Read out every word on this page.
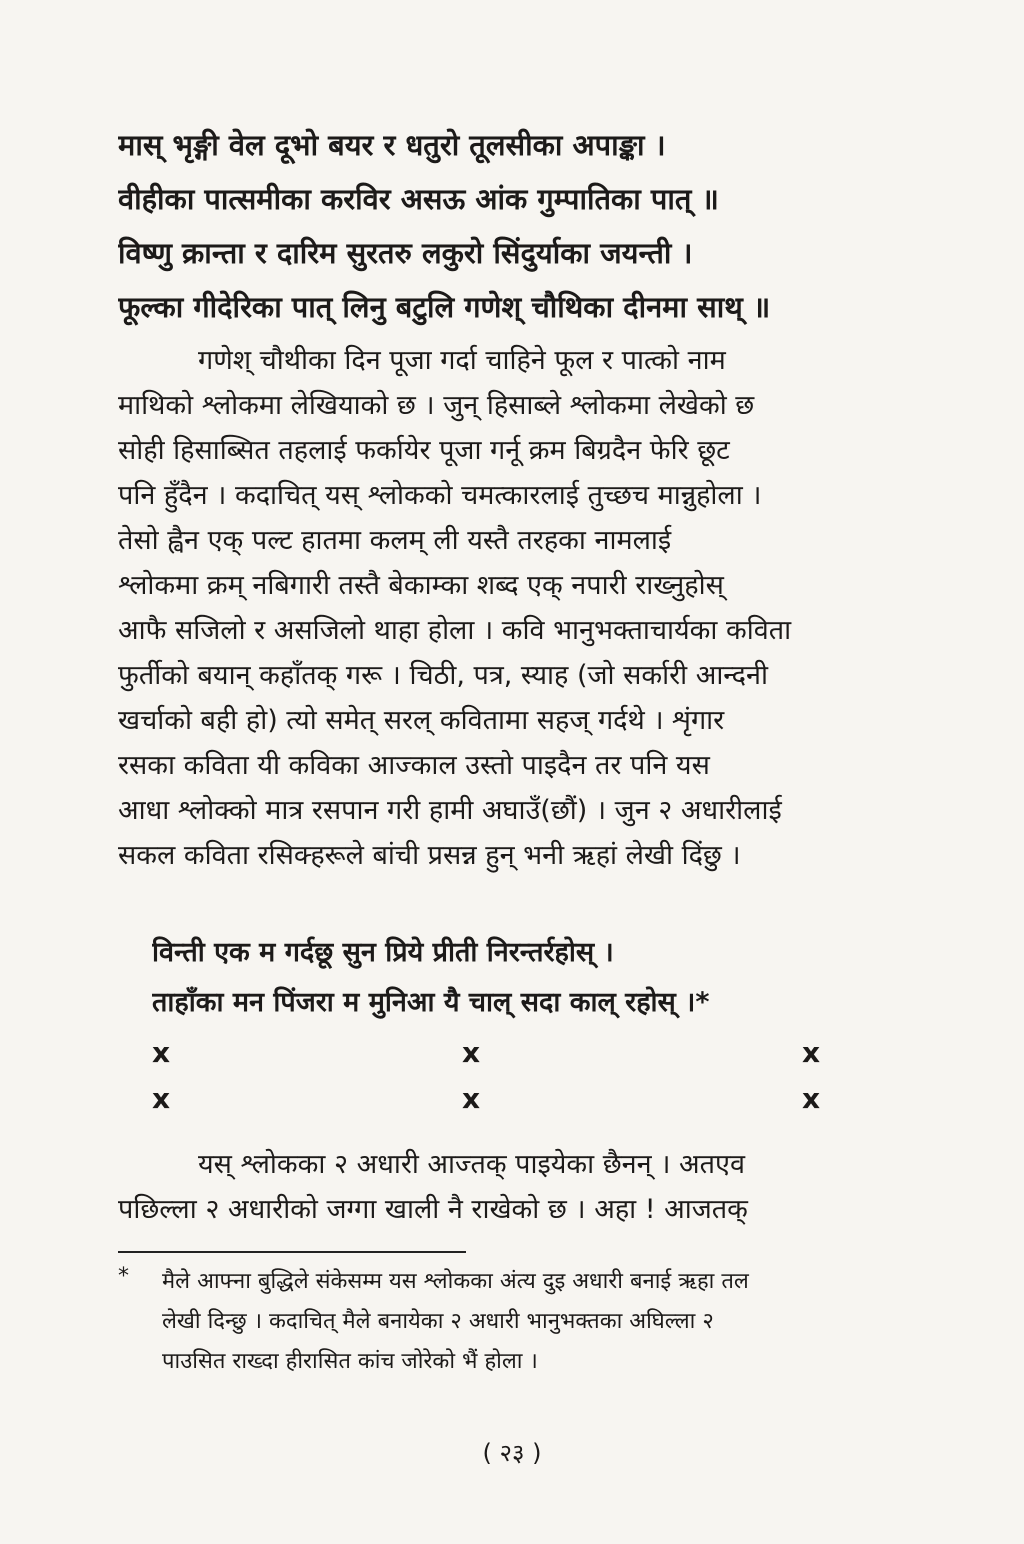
मास् भृङ्गी वेल दूभो बयर र धतुरो तूलसीका अपाङ्का ।
वीहीका पात्समीका करविर असऊ आंक गुम्पातिका पात् ॥
विष्णु क्रान्ता र दारिम सुरतरु लकुरो सिंदुर्याका जयन्ती ।
फूल्का गीदेरिका पात् लिनु बटुलि गणेश् चौथिका दीनमा साथ् ॥
गणेश् चौथीका दिन पूजा गर्दा चाहिने फूल र पात्को नाम
माथिको श्लोकमा लेखियाको छ । जुन् हिसाब्ले श्लोकमा लेखेको छ
सोही हिसाब्सित तहलाई फर्कायेर पूजा गर्नू क्रम बिग्रदैन फेरि छूट
पनि हुँदैन । कदाचित् यस् श्लोकको चमत्कारलाई तुच्छच मान्नुहोला ।
तेसो ह्वैन एक् पल्ट हातमा कलम् ली यस्तै तरहका नामलाई
श्लोकमा क्रम् नबिगारी तस्तै बेकाम्का शब्द एक् नपारी राख्नुहोस्
आफै सजिलो र असजिलो थाहा होला । कवि भानुभक्ताचार्यका कविता
फुर्तीको बयान् कहाँतक् गरू । चिठी, पत्र, स्याह (जो सर्कारी आन्दनी
खर्चाको बही हो) त्यो समेत् सरल् कवितामा सहज् गर्दथे । शृंगार
रसका कविता यी कविका आज्काल उस्तो पाइदैन तर पनि यस
आधा श्लोक्को मात्र रसपान गरी हामी अघाउँ(छौं) । जुन २ अधारीलाई
सकल कविता रसिक्हरूले बांची प्रसन्न हुन् भनी ऋहां लेखी दिंछु ।
विन्ती एक म गर्दछू सुन प्रिये प्रीती निरन्तर्रहोस् ।
ताहाँका मन पिंजरा म मुनिआ यै चाल् सदा काल् रहोस् ।*
x	x	x
x	x	x
यस् श्लोकका २ अधारी आज्तक् पाइयेका छैनन् । अतएव
पछिल्ला २ अधारीको जग्गा खाली नै राखेको छ । अहा ! आजतक्
*	मैले आफ्ना बुद्धिले संकेसम्म यस श्लोकका अंत्य दुइ अधारी बनाई ऋहा तल
लेखी दिन्छु । कदाचित् मैले बनायेका २ अधारी भानुभक्तका अघिल्ला २
पाउसित राख्दा हीरासित कांच जोरेको भैं होला ।
( २३ )
